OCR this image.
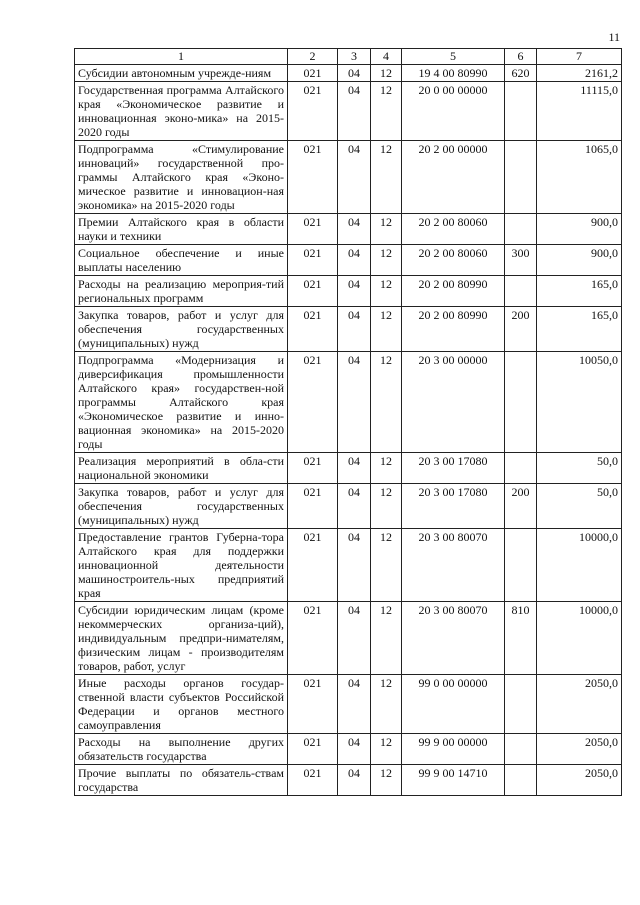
11
1	2	3	4	5	6	7
Субсидии автономным учрежде-ниям	021	04	12	19 4 00 80990	620	2161,2
Государственная программа Алтайского края «Экономическое развитие и инновационная эконо-мика» на 2015-2020 годы	021	04	12	20 0 00 00000		11115,0
Подпрограмма «Стимулирование инноваций» государственной про-граммы Алтайского края «Эконо-мическое развитие и инновацион-ная экономика» на 2015-2020 годы	021	04	12	20 2 00 00000		1065,0
Премии Алтайского края в области науки и техники	021	04	12	20 2 00 80060		900,0
Социальное обеспечение и иные выплаты населению	021	04	12	20 2 00 80060	300	900,0
Расходы на реализацию мероприя-тий региональных программ	021	04	12	20 2 00 80990		165,0
Закупка товаров, работ и услуг для обеспечения государственных (муниципальных) нужд	021	04	12	20 2 00 80990	200	165,0
Подпрограмма «Модернизация и диверсификация промышленности Алтайского края» государствен-ной программы Алтайского края «Экономическое развитие и инно-вационная экономика» на 2015-2020 годы	021	04	12	20 3 00 00000		10050,0
Реализация мероприятий в обла-сти национальной экономики	021	04	12	20 3 00 17080		50,0
Закупка товаров, работ и услуг для обеспечения государственных (муниципальных) нужд	021	04	12	20 3 00 17080	200	50,0
Предоставление грантов Губерна-тора Алтайского края для поддержки инновационной деятельности машиностроитель-ных предприятий края	021	04	12	20 3 00 80070		10000,0
Субсидии юридическим лицам (кроме некоммерческих организа-ций), индивидуальным предпри-нимателям, физическим лицам - производителям товаров, работ, услуг	021	04	12	20 3 00 80070	810	10000,0
Иные расходы органов государ-ственной власти субъектов Российской Федерации и органов местного самоуправления	021	04	12	99 0 00 00000		2050,0
Расходы на выполнение других обязательств государства	021	04	12	99 9 00 00000		2050,0
Прочие выплаты по обязатель-ствам государства	021	04	12	99 9 00 14710		2050,0
